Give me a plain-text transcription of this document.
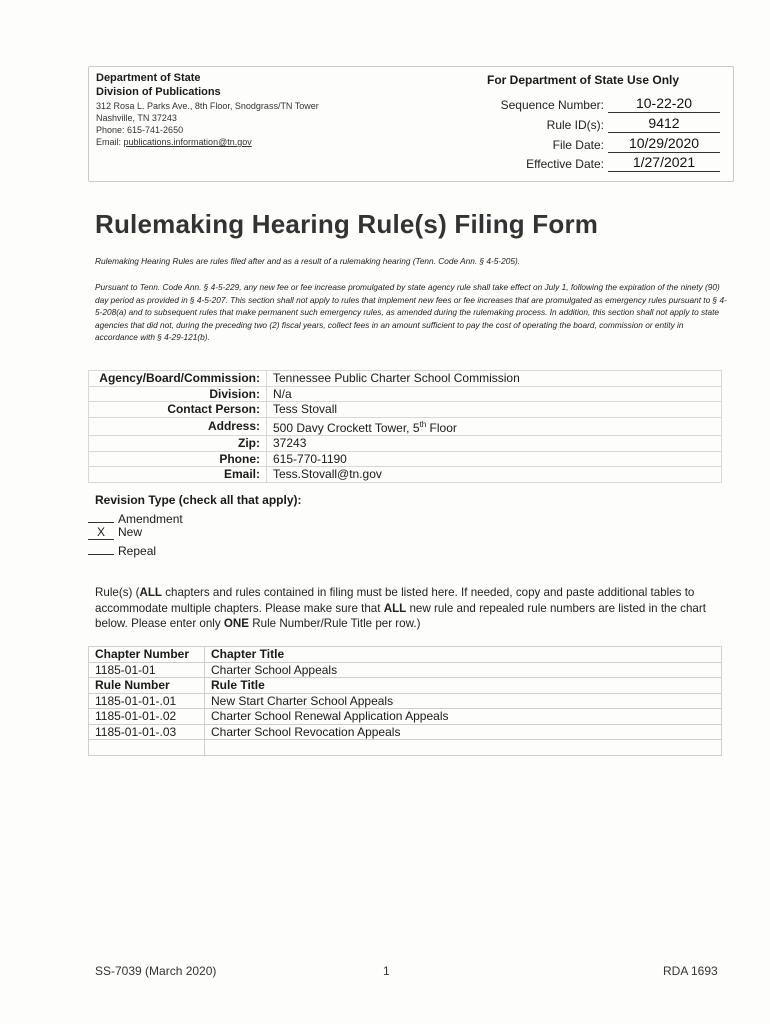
Department of State
Division of Publications
312 Rosa L. Parks Ave., 8th Floor, Snodgrass/TN Tower
Nashville, TN 37243
Phone: 615-741-2650
Email: publications.information@tn.gov
For Department of State Use Only
Sequence Number:	10-22-20
Rule ID(s):	9412
File Date:	10/29/2020
Effective Date:	1/27/2021
Rulemaking Hearing Rule(s) Filing Form
Rulemaking Hearing Rules are rules filed after and as a result of a rulemaking hearing (Tenn. Code Ann. § 4-5-205).
Pursuant to Tenn. Code Ann. § 4-5-229, any new fee or fee increase promulgated by state agency rule shall take effect on July 1, following the expiration of the ninety (90) day period as provided in § 4-5-207. This section shall not apply to rules that implement new fees or fee increases that are promulgated as emergency rules pursuant to § 4-5-208(a) and to subsequent rules that make permanent such emergency rules, as amended during the rulemaking process. In addition, this section shall not apply to state agencies that did not, during the preceding two (2) fiscal years, collect fees in an amount sufficient to pay the cost of operating the board, commission or entity in accordance with § 4-29-121(b).
Agency/Board/Commission:	Tennessee Public Charter School Commission
Division:	N/a
Contact Person:	Tess Stovall
Address:	500 Davy Crockett Tower, 5th Floor
Zip:	37243
Phone:	615-770-1190
Email:	Tess.Stovall@tn.gov
Revision Type (check all that apply):
Amendment
X New
Repeal
Rule(s) (ALL chapters and rules contained in filing must be listed here. If needed, copy and paste additional tables to accommodate multiple chapters. Please make sure that ALL new rule and repealed rule numbers are listed in the chart below. Please enter only ONE Rule Number/Rule Title per row.)
Chapter Number	Chapter Title
1185-01-01	Charter School Appeals
Rule Number	Rule Title
1185-01-01-.01	New Start Charter School Appeals
1185-01-01-.02	Charter School Renewal Application Appeals
1185-01-01-.03	Charter School Revocation Appeals

SS-7039 (March 2020)	1	RDA 1693
